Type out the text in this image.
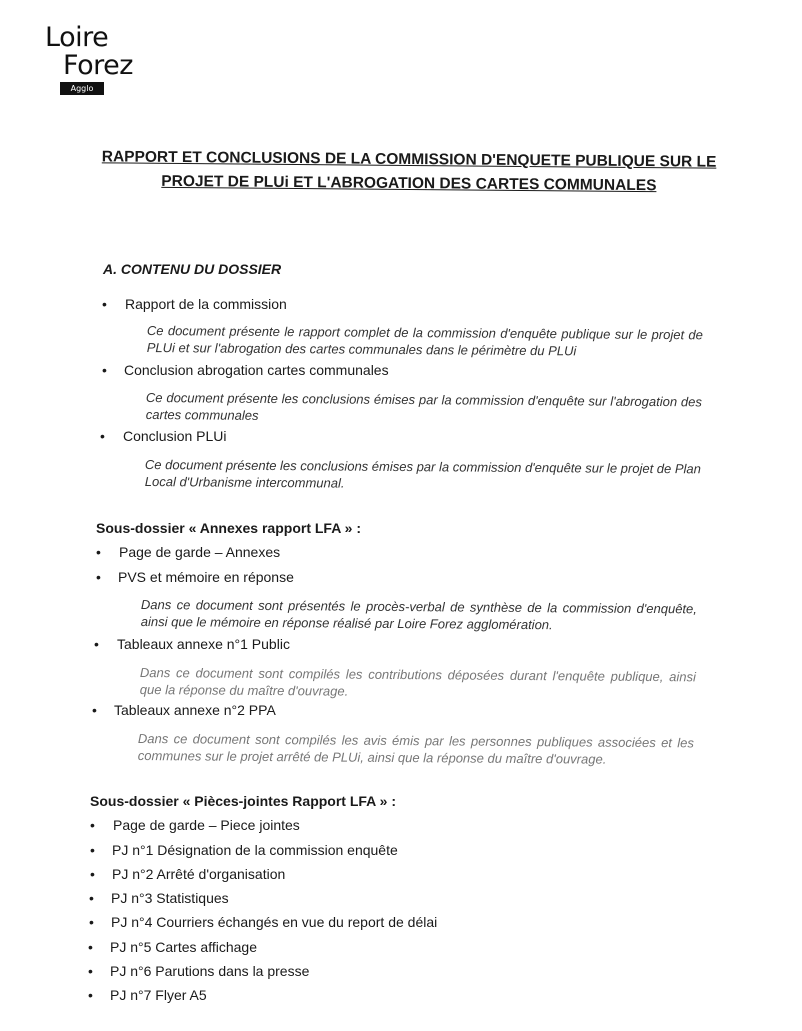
Loire
Forez
Agglo
RAPPORT ET CONCLUSIONS DE LA COMMISSION D'ENQUETE PUBLIQUE SUR LE PROJET DE PLUi ET L'ABROGATION DES CARTES COMMUNALES
A. CONTENU DU DOSSIER
• Rapport de la commission
Ce document présente le rapport complet de la commission d'enquête publique sur le projet de PLUi et sur l'abrogation des cartes communales dans le périmètre du PLUi
• Conclusion abrogation cartes communales
Ce document présente les conclusions émises par la commission d'enquête sur l'abrogation des cartes communales
• Conclusion PLUi
Ce document présente les conclusions émises par la commission d'enquête sur le projet de Plan Local d'Urbanisme intercommunal.
Sous-dossier « Annexes rapport LFA » :
• Page de garde – Annexes
• PVS et mémoire en réponse
Dans ce document sont présentés le procès-verbal de synthèse de la commission d'enquête, ainsi que le mémoire en réponse réalisé par Loire Forez agglomération.
• Tableaux annexe n°1 Public
Dans ce document sont compilés les contributions déposées durant l'enquête publique, ainsi que la réponse du maître d'ouvrage.
• Tableaux annexe n°2 PPA
Dans ce document sont compilés les avis émis par les personnes publiques associées et les communes sur le projet arrêté de PLUi, ainsi que la réponse du maître d'ouvrage.
Sous-dossier « Pièces-jointes Rapport LFA » :
• Page de garde – Piece jointes
• PJ n°1 Désignation de la commission enquête
• PJ n°2 Arrêté d'organisation
• PJ n°3 Statistiques
• PJ n°4 Courriers échangés en vue du report de délai
• PJ n°5 Cartes affichage
• PJ n°6 Parutions dans la presse
• PJ n°7 Flyer A5
